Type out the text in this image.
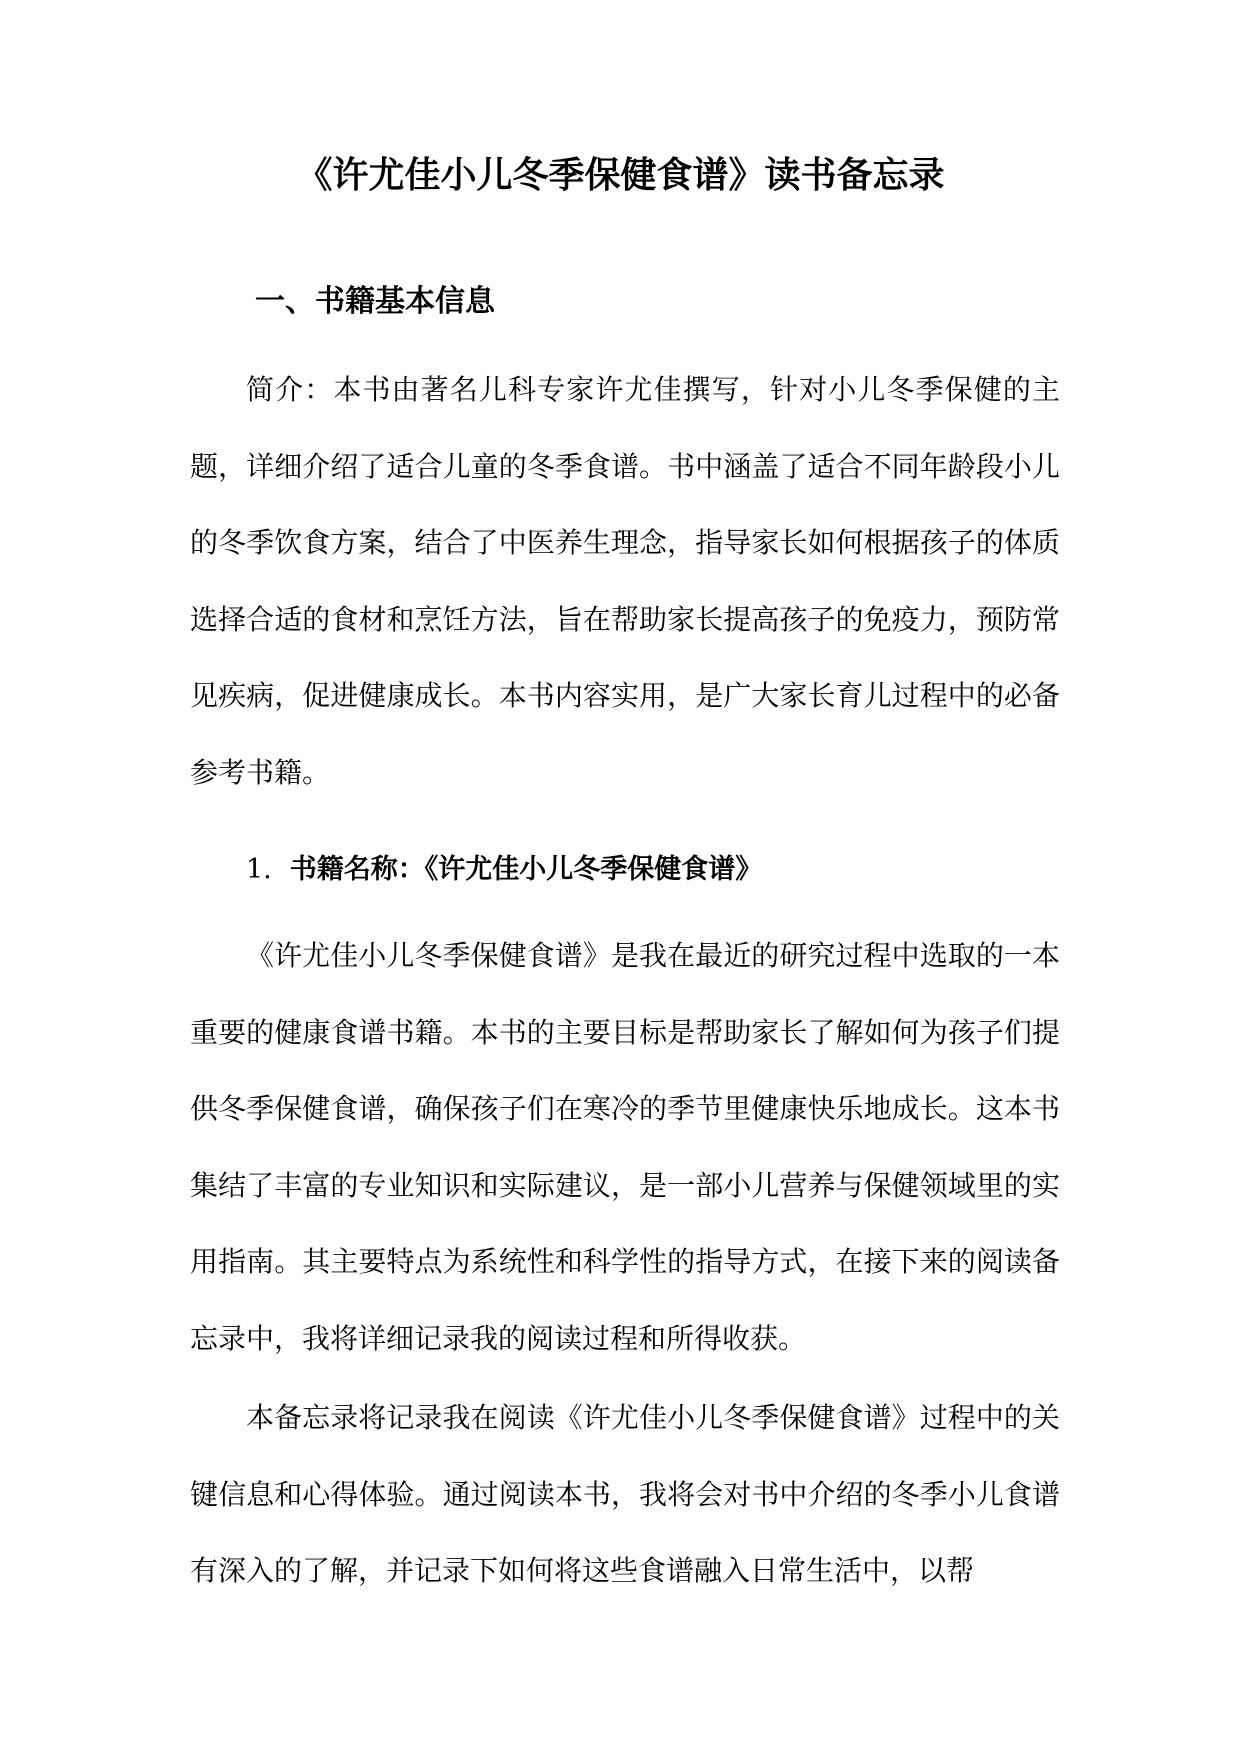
《许尤佳小儿冬季保健食谱》读书备忘录
一、书籍基本信息

简介：本书由著名儿科专家许尤佳撰写，针对小儿冬季保健的主题，详细介绍了适合儿童的冬季食谱。书中涵盖了适合不同年龄段小儿的冬季饮食方案，结合了中医养生理念，指导家长如何根据孩子的体质选择合适的食材和烹饪方法，旨在帮助家长提高孩子的免疫力，预防常见疾病，促进健康成长。本书内容实用，是广大家长育儿过程中的必备参考书籍。

1. 书籍名称：《许尤佳小儿冬季保健食谱》

《许尤佳小儿冬季保健食谱》是我在最近的研究过程中选取的一本重要的健康食谱书籍。本书的主要目标是帮助家长了解如何为孩子们提供冬季保健食谱，确保孩子们在寒冷的季节里健康快乐地成长。这本书集结了丰富的专业知识和实际建议，是一部小儿营养与保健领域里的实用指南。其主要特点为系统性和科学性的指导方式，在接下来的阅读备忘录中，我将详细记录我的阅读过程和所得收获。

本备忘录将记录我在阅读《许尤佳小儿冬季保健食谱》过程中的关键信息和心得体验。通过阅读本书，我将会对书中介绍的冬季小儿食谱有深入的了解，并记录下如何将这些食谱融入日常生活中，以帮
